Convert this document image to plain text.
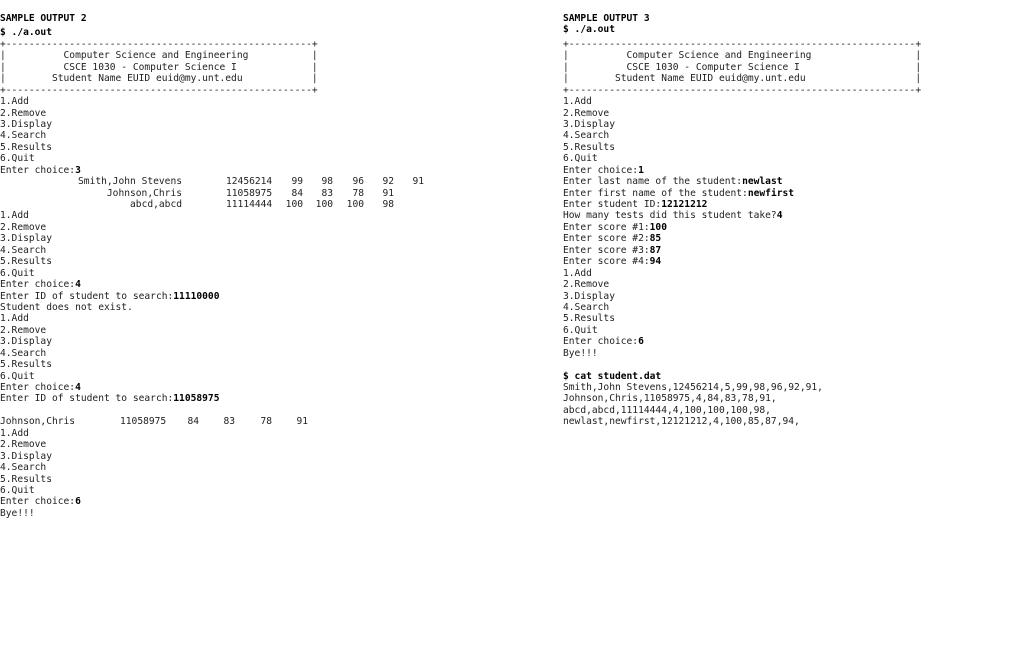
SAMPLE OUTPUT 2
$ ./a.out
+-----------------------------------------------------+
|          Computer Science and Engineering           |
|          CSCE 1030 - Computer Science I             |
|        Student Name EUID euid@my.unt.edu            |
+-----------------------------------------------------+
1.Add
2.Remove
3.Display
4.Search
5.Results
6.Quit
Enter choice:3
Smith,John Stevens	12456214 99 98 96 92 91
Johnson,Chris	11058975 84 83 78 91
abcd,abcd	11114444 100 100 100 98
1.Add
2.Remove
3.Display
4.Search
5.Results
6.Quit
Enter choice:4
Enter ID of student to search:11110000
Student does not exist.
1.Add
2.Remove
3.Display
4.Search
5.Results
6.Quit
Enter choice:4
Enter ID of student to search:11058975
Johnson,Chris	11058975 84	83	78	91
1.Add
2.Remove
3.Display
4.Search
5.Results
6.Quit
Enter choice:6
Bye!!!
SAMPLE OUTPUT 3
$ ./a.out
+------------------------------------------------------------+
|          Computer Science and Engineering                  |
|          CSCE 1030 - Computer Science I                    |
|        Student Name EUID euid@my.unt.edu                   |
+------------------------------------------------------------+
1.Add
2.Remove
3.Display
4.Search
5.Results
6.Quit
Enter choice:1
Enter last name of the student:newlast
Enter first name of the student:newfirst
Enter student ID:12121212
How many tests did this student take?4
Enter score #1:100
Enter score #2:85
Enter score #3:87
Enter score #4:94
1.Add
2.Remove
3.Display
4.Search
5.Results
6.Quit
Enter choice:6
Bye!!!
$ cat student.dat
Smith,John Stevens,12456214,5,99,98,96,92,91,
Johnson,Chris,11058975,4,84,83,78,91,
abcd,abcd,11114444,4,100,100,100,98,
newlast,newfirst,12121212,4,100,85,87,94,
